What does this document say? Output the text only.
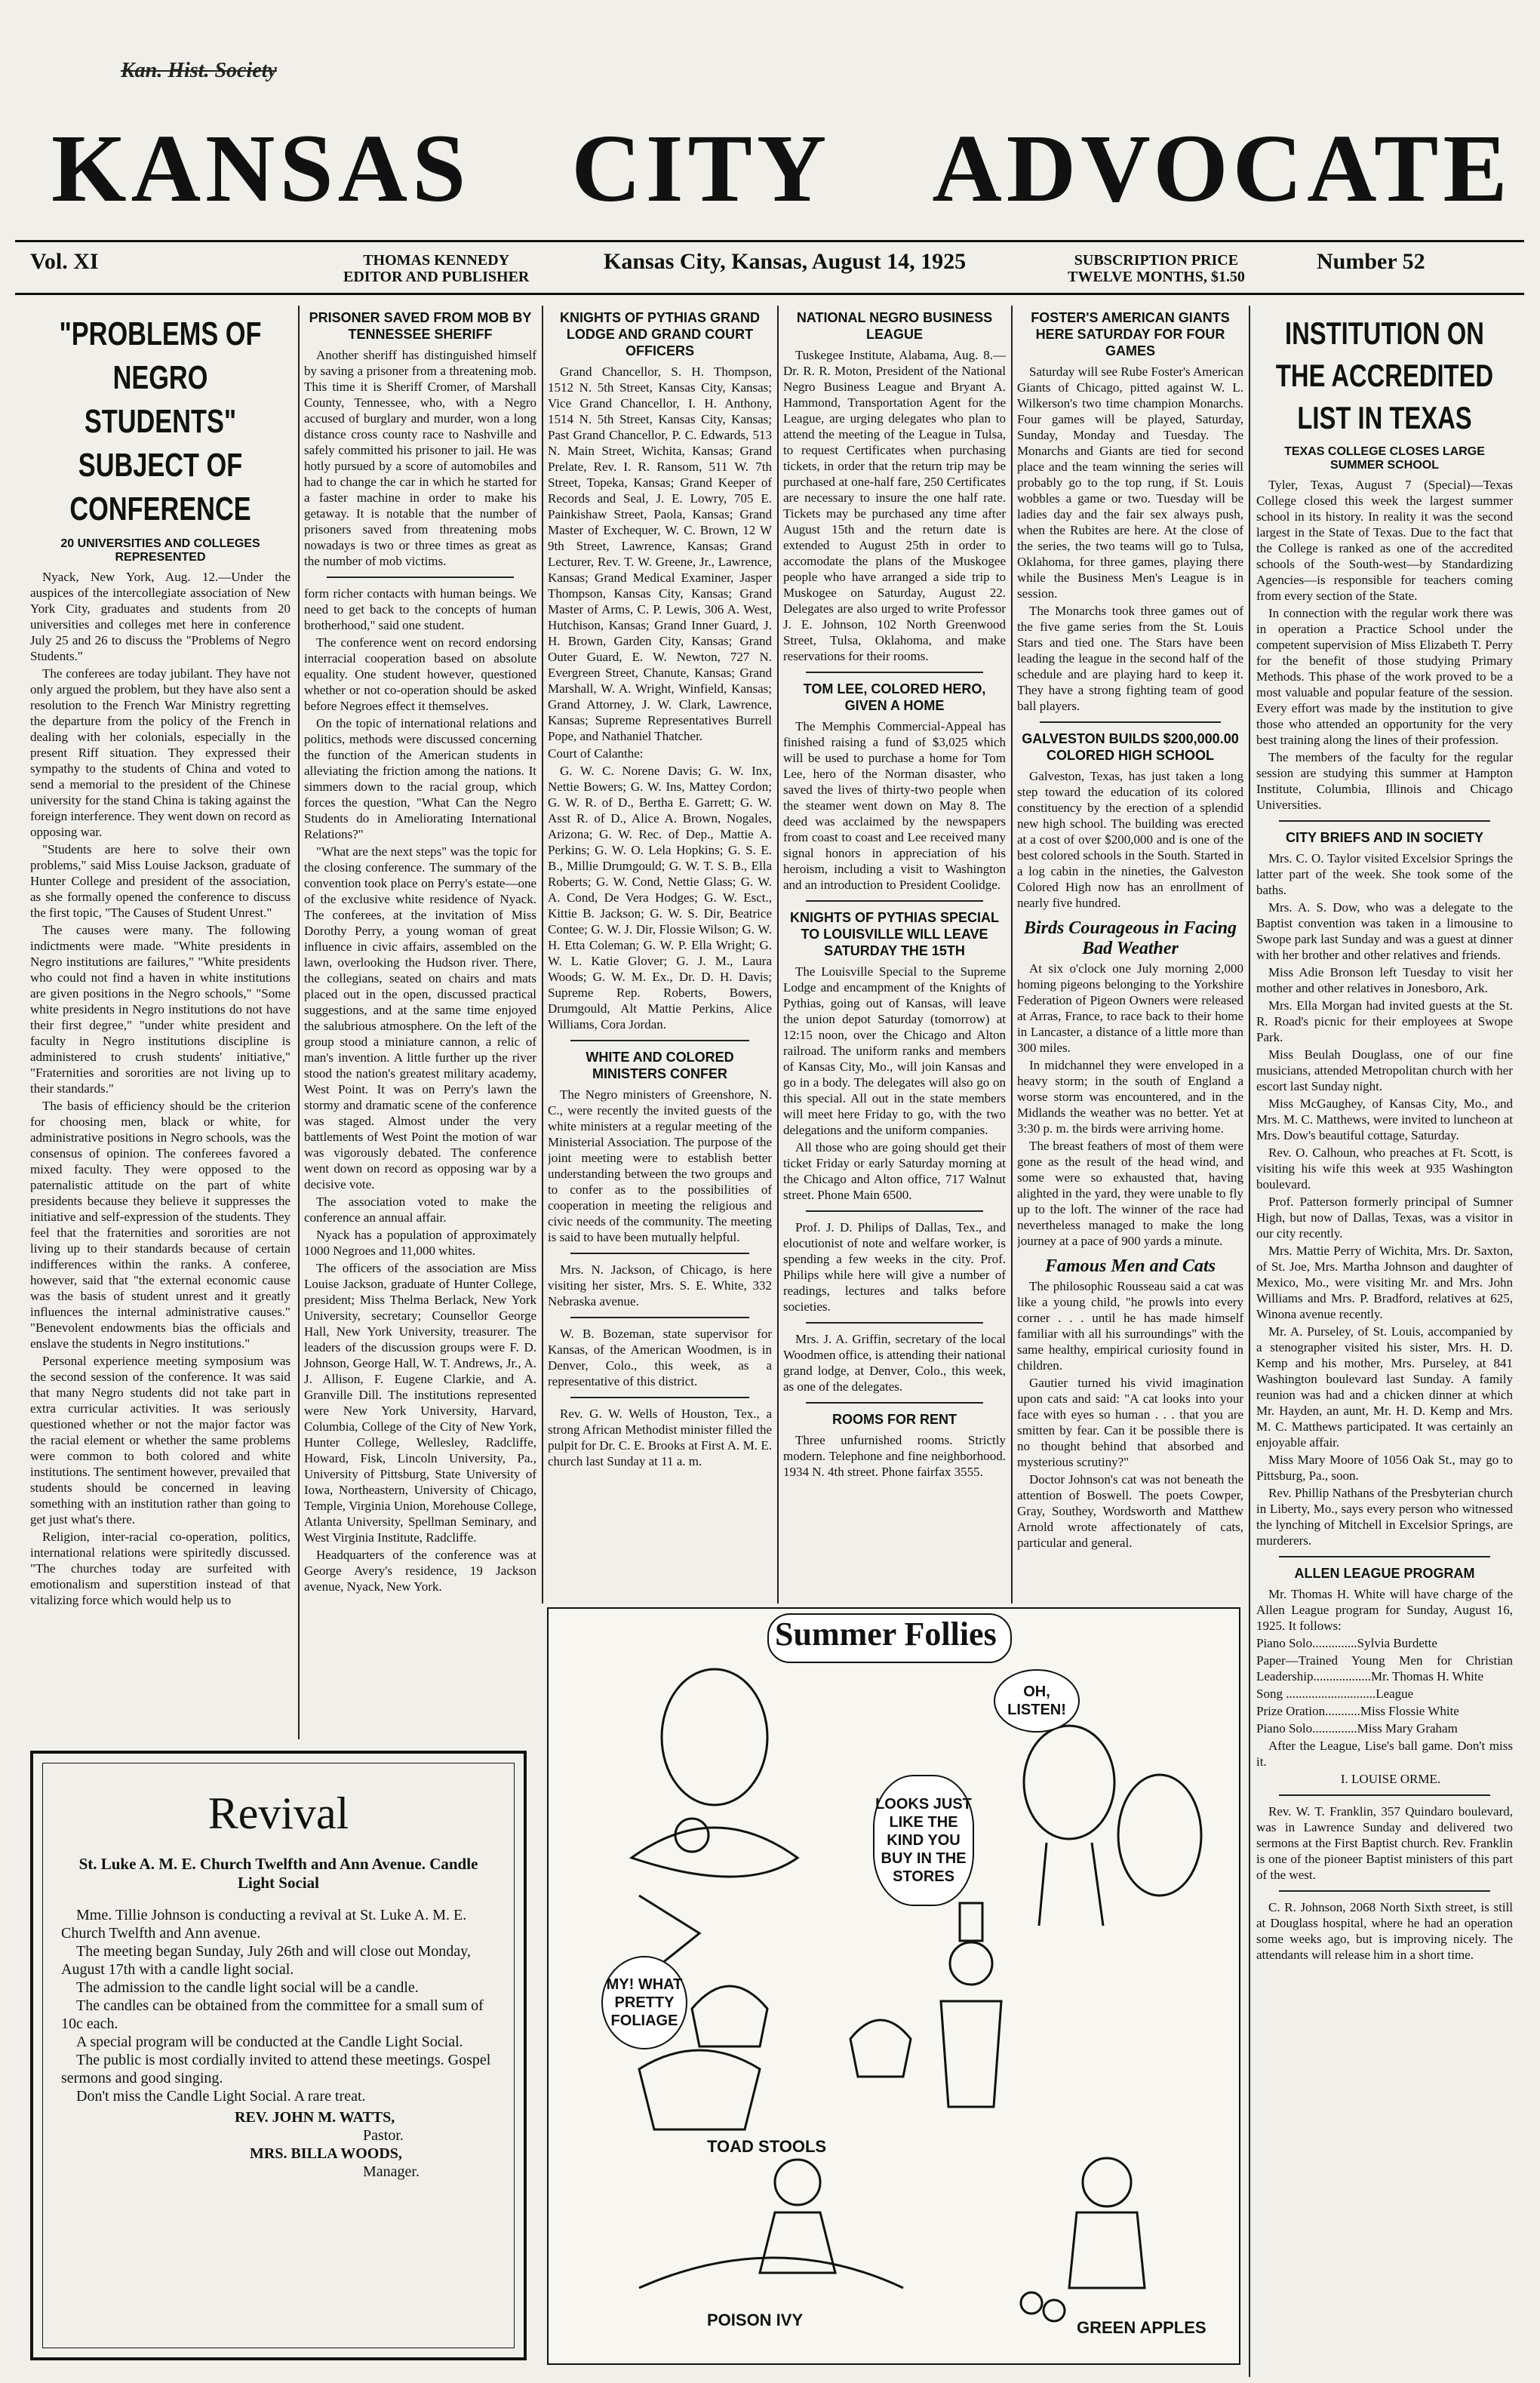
Kan. Hist. Society
KANSAS CITY ADVOCATE
Vol. XI	THOMAS KENNEDY
EDITOR AND PUBLISHER
Kansas City, Kansas, August 14, 1925	SUBSCRIPTION PRICE
TWELVE MONTHS, $1.50
Number 52
"PROBLEMS OF NEGRO STUDENTS" SUBJECT OF CONFERENCE
20 UNIVERSITIES AND COLLEGES REPRESENTED

Nyack, New York, Aug. 12.—Under the auspices of the intercollegiate association of New York City, graduates and students from 20 universities and colleges met here in conference July 25 and 26 to discuss the "Problems of Negro Students."

The conferees are today jubilant. They have not only argued the problem, but they have also sent a resolution to the French War Ministry regretting the departure from the policy of the French in dealing with her colonials, especially in the present Riff situation. They expressed their sympathy to the students of China and voted to send a memorial to the president of the Chinese university for the stand China is taking against the foreign interference. They went down on record as opposing war.

"Students are here to solve their own problems," said Miss Louise Jackson, graduate of Hunter College and president of the association, as she formally opened the conference to discuss the first topic, "The Causes of Student Unrest."

The causes were many. The following indictments were made. "White presidents in Negro institutions are failures," "White presidents who could not find a haven in white institutions are given positions in the Negro schools," "Some white presidents in Negro institutions do not have their first degree," "under white president and faculty in Negro institutions discipline is administered to crush students' initiative," "Fraternities and sororities are not living up to their standards."

The basis of efficiency should be the criterion for choosing men, black or white, for administrative positions in Negro schools, was the consensus of opinion. The conferees favored a mixed faculty. They were opposed to the paternalistic attitude on the part of white presidents because they believe it suppresses the initiative and self-expression of the students. They feel that the fraternities and sororities are not living up to their standards because of certain indifferences within the ranks. A conferee, however, said that "the external economic cause was the basis of student unrest and it greatly influences the internal administrative causes." "Benevolent endowments bias the officials and enslave the students in Negro institutions."

Personal experience meeting symposium was the second session of the conference. It was said that many Negro students did not take part in extra curricular activities. It was seriously questioned whether or not the major factor was the racial element or whether the same problems were common to both colored and white institutions. The sentiment however, prevailed that students should be concerned in leaving something with an institution rather than going to get just what's there.

Religion, inter-racial co-operation, politics, international relations were spiritedly discussed. "The churches today are surfeited with emotionalism and superstition instead of that vitalizing force which would help us to

PRISONER SAVED FROM MOB BY TENNESSEE SHERIFF

Another sheriff has distinguished himself by saving a prisoner from a threatening mob. This time it is Sheriff Cromer, of Marshall County, Tennessee, who, with a Negro accused of burglary and murder, won a long distance cross county race to Nashville and safely committed his prisoner to jail. He was hotly pursued by a score of automobiles and had to change the car in which he started for a faster machine in order to make his getaway. It is notable that the number of prisoners saved from threatening mobs nowadays is two or three times as great as the number of mob victims.

form richer contacts with human beings. We need to get back to the concepts of human brotherhood," said one student.

The conference went on record endorsing interracial cooperation based on absolute equality. One student however, questioned whether or not co-operation should be asked before Negroes effect it themselves.

On the topic of international relations and politics, methods were discussed concerning the function of the American students in alleviating the friction among the nations. It simmers down to the racial group, which forces the question, "What Can the Negro Students do in Ameliorating International Relations?"

"What are the next steps" was the topic for the closing conference. The summary of the convention took place on Perry's estate—one of the exclusive white residence of Nyack. The conferees, at the invitation of Miss Dorothy Perry, a young woman of great influence in civic affairs, assembled on the lawn, overlooking the Hudson river. There, the collegians, seated on chairs and mats placed out in the open, discussed practical suggestions, and at the same time enjoyed the salubrious atmosphere. On the left of the group stood a miniature cannon, a relic of man's invention. A little further up the river stood the nation's greatest military academy, West Point. It was on Perry's lawn the stormy and dramatic scene of the conference was staged. Almost under the very battlements of West Point the motion of war was vigorously debated. The conference went down on record as opposing war by a decisive vote.

The association voted to make the conference an annual affair.

Nyack has a population of approximately 1000 Negroes and 11,000 whites.

The officers of the association are Miss Louise Jackson, graduate of Hunter College, president; Miss Thelma Berlack, New York University, secretary; Counsellor George Hall, New York University, treasurer. The leaders of the discussion groups were F. D. Johnson, George Hall, W. T. Andrews, Jr., A. J. Allison, F. Eugene Clarkie, and A. Granville Dill. The institutions represented were New York University, Harvard, Columbia, College of the City of New York, Hunter College, Wellesley, Radcliffe, Howard, Fisk, Lincoln University, Pa., University of Pittsburg, State University of Iowa, Northeastern, University of Chicago, Temple, Virginia Union, Morehouse College, Atlanta University, Spellman Seminary, and West Virginia Institute, Radcliffe.

Headquarters of the conference was at George Avery's residence, 19 Jackson avenue, Nyack, New York.

KNIGHTS OF PYTHIAS GRAND LODGE AND GRAND COURT OFFICERS

Grand Chancellor, S. H. Thompson, 1512 N. 5th Street, Kansas City, Kansas; Vice Grand Chancellor, I. H. Anthony, 1514 N. 5th Street, Kansas City, Kansas; Past Grand Chancellor, P. C. Edwards, 513 N. Main Street, Wichita, Kansas; Grand Prelate, Rev. I. R. Ransom, 511 W. 7th Street, Topeka, Kansas; Grand Keeper of Records and Seal, J. E. Lowry, 705 E. Painkishaw Street, Paola, Kansas; Grand Master of Exchequer, W. C. Brown, 12 W 9th Street, Lawrence, Kansas; Grand Lecturer, Rev. T. W. Greene, Jr., Lawrence, Kansas; Grand Medical Examiner, Jasper Thompson, Kansas City, Kansas; Grand Master of Arms, C. P. Lewis, 306 A. West, Hutchison, Kansas; Grand Inner Guard, J. H. Brown, Garden City, Kansas; Grand Outer Guard, E. W. Newton, 727 N. Evergreen Street, Chanute, Kansas; Grand Marshall, W. A. Wright, Winfield, Kansas; Grand Attorney, J. W. Clark, Lawrence, Kansas; Supreme Representatives Burrell Pope, and Nathaniel Thatcher.

Court of Calanthe:

G. W. C. Norene Davis; G. W. Inx, Nettie Bowers; G. W. Ins, Mattey Cordon; G. W. R. of D., Bertha E. Garrett; G. W. Asst R. of D., Alice A. Brown, Nogales, Arizona; G. W. Rec. of Dep., Mattie A. Perkins; G. W. O. Lela Hopkins; G. S. E. B., Millie Drumgould; G. W. T. S. B., Ella Roberts; G. W. Cond, Nettie Glass; G. W. A. Cond, De Vera Hodges; G. W. Esct., Kittie B. Jackson; G. W. S. Dir, Beatrice Contee; G. W. J. Dir, Flossie Wilson; G. W. H. Etta Coleman; G. W. P. Ella Wright; G. W. L. Katie Glover; G. J. M., Laura Woods; G. W. M. Ex., Dr. D. H. Davis; Supreme Rep. Roberts, Bowers, Drumgould, Alt Mattie Perkins, Alice Williams, Cora Jordan.

WHITE AND COLORED MINISTERS CONFER

The Negro ministers of Greenshore, N. C., were recently the invited guests of the white ministers at a regular meeting of the Ministerial Association. The purpose of the joint meeting were to establish better understanding between the two groups and to confer as to the possibilities of cooperation in meeting the religious and civic needs of the community. The meeting is said to have been mutually helpful.

Mrs. N. Jackson, of Chicago, is here visiting her sister, Mrs. S. E. White, 332 Nebraska avenue.

W. B. Bozeman, state supervisor for Kansas, of the American Woodmen, is in Denver, Colo., this week, as a representative of this district.

Rev. G. W. Wells of Houston, Tex., a strong African Methodist minister filled the pulpit for Dr. C. E. Brooks at First A. M. E. church last Sunday at 11 a. m.

NATIONAL NEGRO BUSINESS LEAGUE

Tuskegee Institute, Alabama, Aug. 8.—Dr. R. R. Moton, President of the National Negro Business League and Bryant A. Hammond, Transportation Agent for the League, are urging delegates who plan to attend the meeting of the League in Tulsa, to request Certificates when purchasing tickets, in order that the return trip may be purchased at one-half fare, 250 Certificates are necessary to insure the one half rate. Tickets may be purchased any time after August 15th and the return date is extended to August 25th in order to accomodate the plans of the Muskogee people who have arranged a side trip to Muskogee on Saturday, August 22. Delegates are also urged to write Professor J. E. Johnson, 102 North Greenwood Street, Tulsa, Oklahoma, and make reservations for their rooms.

TOM LEE, COLORED HERO, GIVEN A HOME

The Memphis Commercial-Appeal has finished raising a fund of $3,025 which will be used to purchase a home for Tom Lee, hero of the Norman disaster, who saved the lives of thirty-two people when the steamer went down on May 8. The deed was acclaimed by the newspapers from coast to coast and Lee received many signal honors in appreciation of his heroism, including a visit to Washington and an introduction to President Coolidge.

KNIGHTS OF PYTHIAS SPECIAL TO LOUISVILLE WILL LEAVE SATURDAY THE 15TH

The Louisville Special to the Supreme Lodge and encampment of the Knights of Pythias, going out of Kansas, will leave the union depot Saturday (tomorrow) at 12:15 noon, over the Chicago and Alton railroad. The uniform ranks and members of Kansas City, Mo., will join Kansas and go in a body. The delegates will also go on this special. All out in the state members will meet here Friday to go, with the two delegations and the uniform companies.

All those who are going should get their ticket Friday or early Saturday morning at the Chicago and Alton office, 717 Walnut street. Phone Main 6500.

Prof. J. D. Philips of Dallas, Tex., and elocutionist of note and welfare worker, is spending a few weeks in the city. Prof. Philips while here will give a number of readings, lectures and talks before societies.

Mrs. J. A. Griffin, secretary of the local Woodmen office, is attending their national grand lodge, at Denver, Colo., this week, as one of the delegates.

ROOMS FOR RENT

Three unfurnished rooms. Strictly modern. Telephone and fine neighborhood. 1934 N. 4th street. Phone fairfax 3555.

FOSTER'S AMERICAN GIANTS HERE SATURDAY FOR FOUR GAMES

Saturday will see Rube Foster's American Giants of Chicago, pitted against W. L. Wilkerson's two time champion Monarchs. Four games will be played, Saturday, Sunday, Monday and Tuesday. The Monarchs and Giants are tied for second place and the team winning the series will probably go to the top rung, if St. Louis wobbles a game or two. Tuesday will be ladies day and the fair sex always push, when the Rubites are here. At the close of the series, the two teams will go to Tulsa, Oklahoma, for three games, playing there while the Business Men's League is in session.

The Monarchs took three games out of the five game series from the St. Louis Stars and tied one. The Stars have been leading the league in the second half of the schedule and are playing hard to keep it. They have a strong fighting team of good ball players.

GALVESTON BUILDS $200,000.00 COLORED HIGH SCHOOL

Galveston, Texas, has just taken a long step toward the education of its colored constituency by the erection of a splendid new high school. The building was erected at a cost of over $200,000 and is one of the best colored schools in the South. Started in a log cabin in the nineties, the Galveston Colored High now has an enrollment of nearly five hundred.

Birds Courageous in Facing Bad Weather

At six o'clock one July morning 2,000 homing pigeons belonging to the Yorkshire Federation of Pigeon Owners were released at Arras, France, to race back to their home in Lancaster, a distance of a little more than 300 miles.

In midchannel they were enveloped in a heavy storm; in the south of England a worse storm was encountered, and in the Midlands the weather was no better. Yet at 3:30 p. m. the birds were arriving home.

The breast feathers of most of them were gone as the result of the head wind, and some were so exhausted that, having alighted in the yard, they were unable to fly up to the loft. The winner of the race had nevertheless managed to make the long journey at a pace of 900 yards a minute.

Famous Men and Cats

The philosophic Rousseau said a cat was like a young child, "he prowls into every corner . . . until he has made himself familiar with all his surroundings" with the same healthy, empirical curiosity found in children.

Gautier turned his vivid imagination upon cats and said: "A cat looks into your face with eyes so human . . . that you are smitten by fear. Can it be possible there is no thought behind that absorbed and mysterious scrutiny?"

Doctor Johnson's cat was not beneath the attention of Boswell. The poets Cowper, Gray, Southey, Wordsworth and Matthew Arnold wrote affectionately of cats, particular and general.

INSTITUTION ON THE ACCREDITED LIST IN TEXAS
TEXAS COLLEGE CLOSES LARGE SUMMER SCHOOL

Tyler, Texas, August 7 (Special)—Texas College closed this week the largest summer school in its history. In reality it was the second largest in the State of Texas. Due to the fact that the College is ranked as one of the accredited schools of the South-west—by Standardizing Agencies—is responsible for teachers coming from every section of the State.

In connection with the regular work there was in operation a Practice School under the competent supervision of Miss Elizabeth T. Perry for the benefit of those studying Primary Methods. This phase of the work proved to be a most valuable and popular feature of the session. Every effort was made by the institution to give those who attended an opportunity for the very best training along the lines of their profession.

The members of the faculty for the regular session are studying this summer at Hampton Institute, Columbia, Illinois and Chicago Universities.

CITY BRIEFS AND IN SOCIETY

Mrs. C. O. Taylor visited Excelsior Springs the latter part of the week. She took some of the baths.

Mrs. A. S. Dow, who was a delegate to the Baptist convention was taken in a limousine to Swope park last Sunday and was a guest at dinner with her brother and other relatives and friends.

Miss Adie Bronson left Tuesday to visit her mother and other relatives in Jonesboro, Ark.

Mrs. Ella Morgan had invited guests at the St. R. Road's picnic for their employees at Swope Park.

Miss Beulah Douglass, one of our fine musicians, attended Metropolitan church with her escort last Sunday night.

Miss McGaughey, of Kansas City, Mo., and Mrs. M. C. Matthews, were invited to luncheon at Mrs. Dow's beautiful cottage, Saturday.

Rev. O. Calhoun, who preaches at Ft. Scott, is visiting his wife this week at 935 Washington boulevard.

Prof. Patterson formerly principal of Sumner High, but now of Dallas, Texas, was a visitor in our city recently.

Mrs. Mattie Perry of Wichita, Mrs. Dr. Saxton, of St. Joe, Mrs. Martha Johnson and daughter of Mexico, Mo., were visiting Mr. and Mrs. John Williams and Mrs. P. Bradford, relatives at 625, Winona avenue recently.

Mr. A. Purseley, of St. Louis, accompanied by a stenographer visited his sister, Mrs. H. D. Kemp and his mother, Mrs. Purseley, at 841 Washington boulevard last Sunday. A family reunion was had and a chicken dinner at which Mr. Hayden, an aunt, Mr. H. D. Kemp and Mrs. M. C. Matthews participated. It was certainly an enjoyable affair.

Miss Mary Moore of 1056 Oak St., may go to Pittsburg, Pa., soon.

Rev. Phillip Nathans of the Presbyterian church in Liberty, Mo., says every person who witnessed the lynching of Mitchell in Excelsior Springs, are murderers.

ALLEN LEAGUE PROGRAM

Mr. Thomas H. White will have charge of the Allen League program for Sunday, August 16, 1925. It follows:

Piano Solo..............Sylvia Burdette

Paper—Trained Young Men for Christian Leadership..................Mr. Thomas H. White

Song ............................League

Prize Oration...........Miss Flossie White

Piano Solo..............Miss Mary Graham

After the League, Lise's ball game. Don't miss it.

I. LOUISE ORME.

Rev. W. T. Franklin, 357 Quindaro boulevard, was in Lawrence Sunday and delivered two sermons at the First Baptist church. Rev. Franklin is one of the pioneer Baptist ministers of this part of the west.

C. R. Johnson, 2068 North Sixth street, is still at Douglass hospital, where he had an operation some weeks ago, but is improving nicely. The attendants will release him in a short time.

Revival
St. Luke A. M. E. Church Twelfth and Ann Avenue. Candle Light Social

Mme. Tillie Johnson is conducting a revival at St. Luke A. M. E. Church Twelfth and Ann avenue.

The meeting began Sunday, July 26th and will close out Monday, August 17th with a candle light social.

The admission to the candle light social will be a candle.

The candles can be obtained from the committee for a small sum of 10c each.

A special program will be conducted at the Candle Light Social.

The public is most cordially invited to attend these meetings. Gospel sermons and good singing.

Don't miss the Candle Light Social. A rare treat.

REV. JOHN M. WATTS,
Pastor.
MRS. BILLA WOODS,
Manager.
Summer Follies
OH, LISTEN!
LOOKS JUST LIKE THE KIND YOU BUY IN THE STORES
MY! WHAT PRETTY FOLIAGE
TOAD STOOLS
POISON IVY	GREEN APPLES
